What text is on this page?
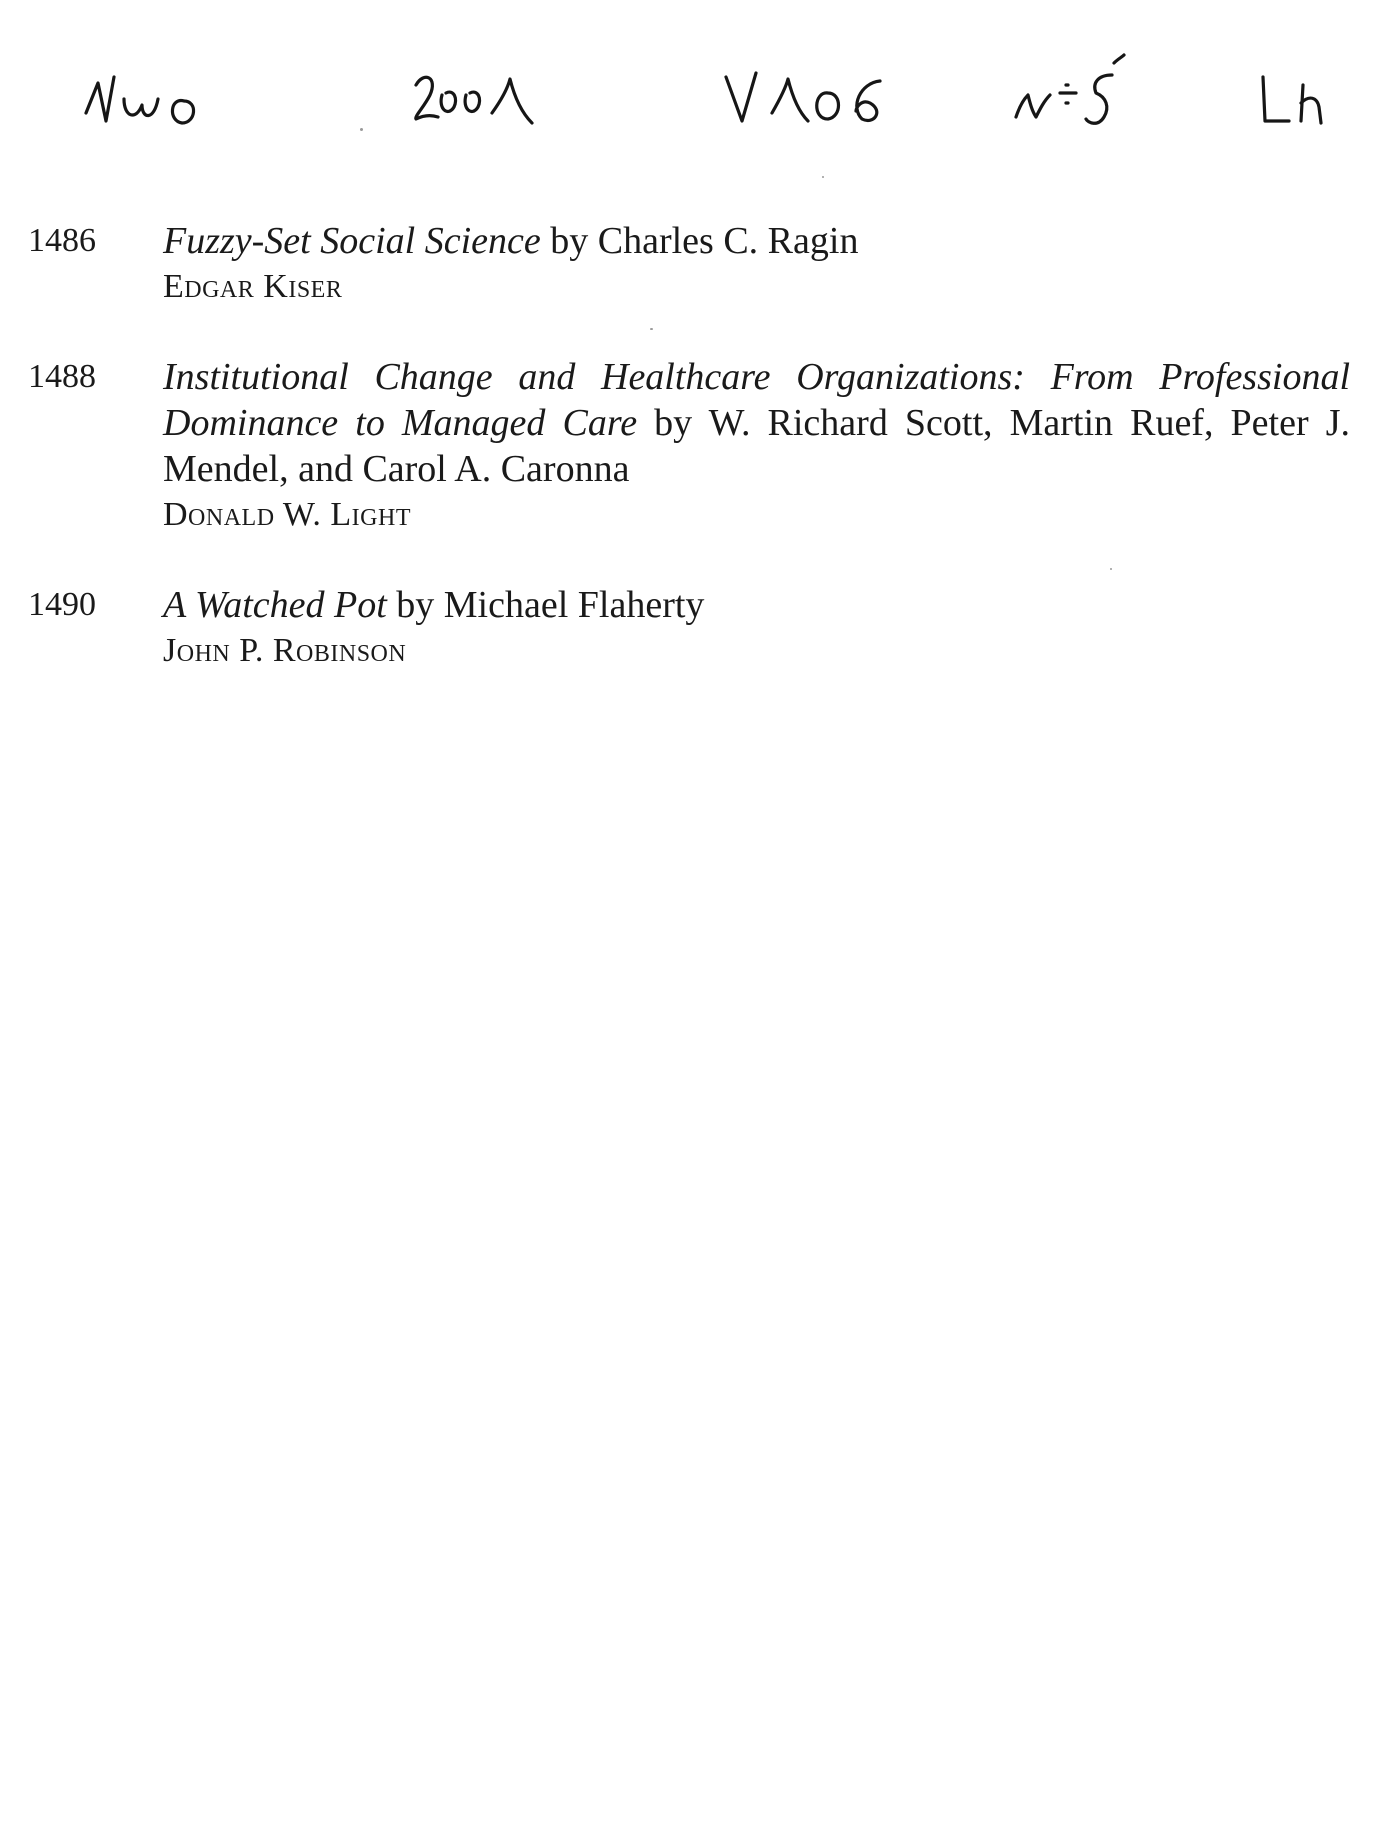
1486	Fuzzy-Set Social Science by Charles C. Ragin
Edgar Kiser
1488	Institutional Change and Healthcare Organizations: From Professional Dominance to Managed Care by W. Richard Scott, Martin Ruef, Peter J. Mendel, and Carol A. Caronna
Donald W. Light
1490	A Watched Pot by Michael Flaherty
John P. Robinson
